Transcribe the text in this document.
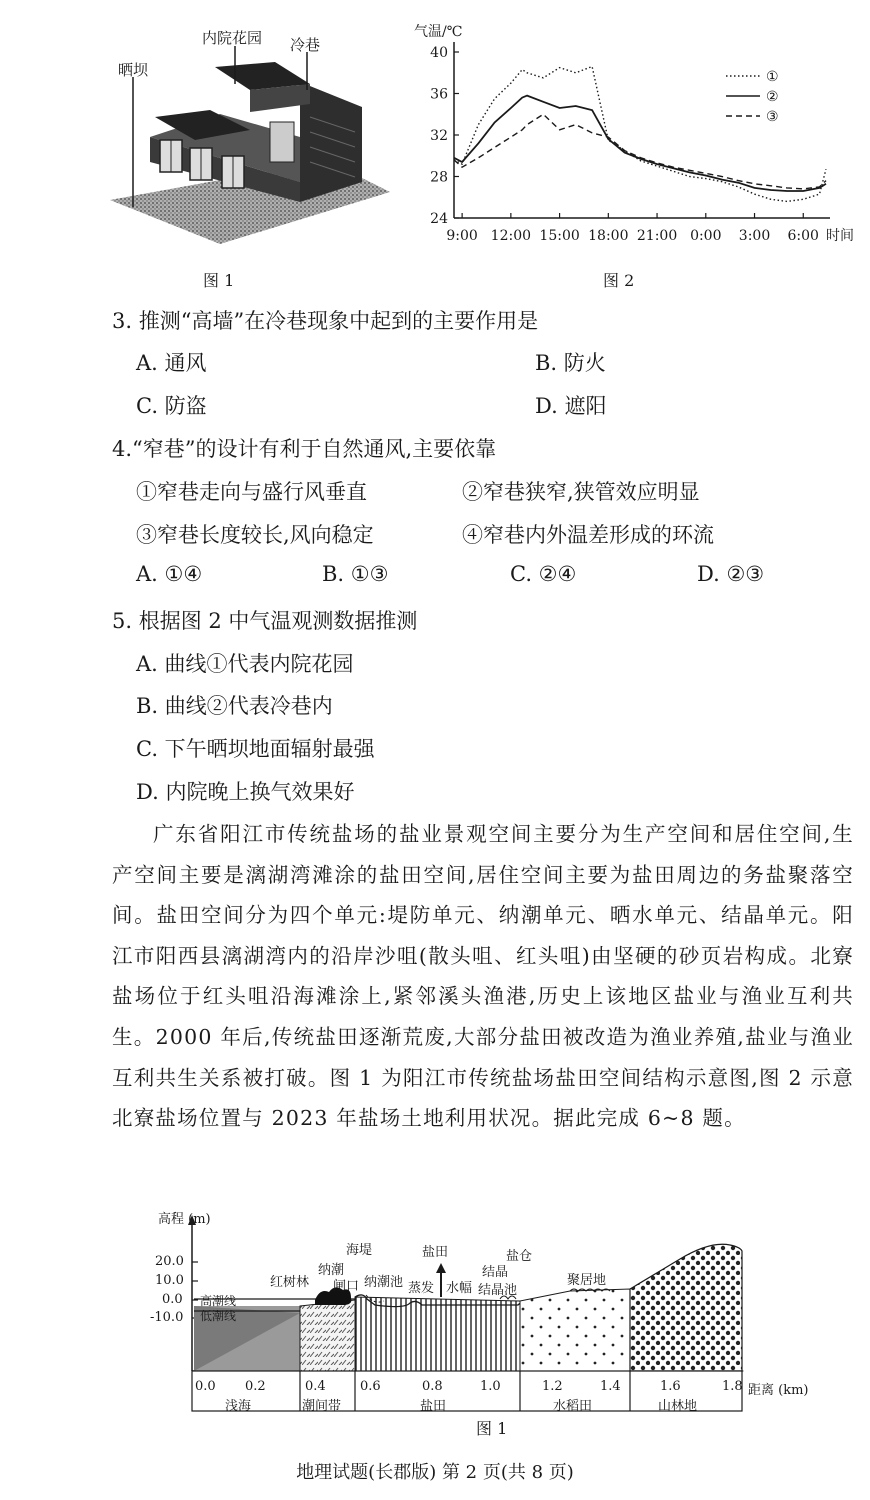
内院花园 冷巷
晒坝
图 1
气温/℃
24
28
32
36
40
9:00 12:00 15:00 18:00 21:00 0:00 3:00 6:00
①
②
③
时间
图 2
3. 推测“高墙”在冷巷现象中起到的主要作用是
A. 通风	B. 防火
C. 防盗	D. 遮阳
4.“窄巷”的设计有利于自然通风,主要依靠
①窄巷走向与盛行风垂直	②窄巷狭窄,狭管效应明显
③窄巷长度较长,风向稳定	④窄巷内外温差形成的环流
A. ①④	B. ①③	C. ②④	D. ②③
5. 根据图 2 中气温观测数据推测
A. 曲线①代表内院花园
B. 曲线②代表冷巷内
C. 下午晒坝地面辐射最强
D. 内院晚上换气效果好
广东省阳江市传统盐场的盐业景观空间主要分为生产空间和居住空间,生产空间主要是漓湖湾滩涂的盐田空间,居住空间主要为盐田周边的务盐聚落空间。盐田空间分为四个单元:堤防单元、纳潮单元、晒水单元、结晶单元。阳江市阳西县漓湖湾内的沿岸沙咀(散头咀、红头咀)由坚硬的砂页岩构成。北寮盐场位于红头咀沿海滩涂上,紧邻溪头渔港,历史上该地区盐业与渔业互利共生。2000 年后,传统盐田逐渐荒废,大部分盐田被改造为渔业养殖,盐业与渔业互利共生关系被打破。图 1 为阳江市传统盐场盐田空间结构示意图,图 2 示意北寮盐场位置与 2023 年盐场土地利用状况。据此完成 6~8 题。
高程 (m)
20.0
10.0
0.0
-10.0
高潮线
低潮线
红树林
纳潮
闸口
海堤
纳潮池
盐田
蒸发 水幅
结晶
结晶池
盐仓
聚居地
0.0 0.2	0.4	0.6	0.8	1.0	1.2	1.4	1.6	1.8 距离 (km)
浅海	潮间带	盐田	水稻田	山林地
图 1
地理试题(长郡版) 第 2 页(共 8 页)
